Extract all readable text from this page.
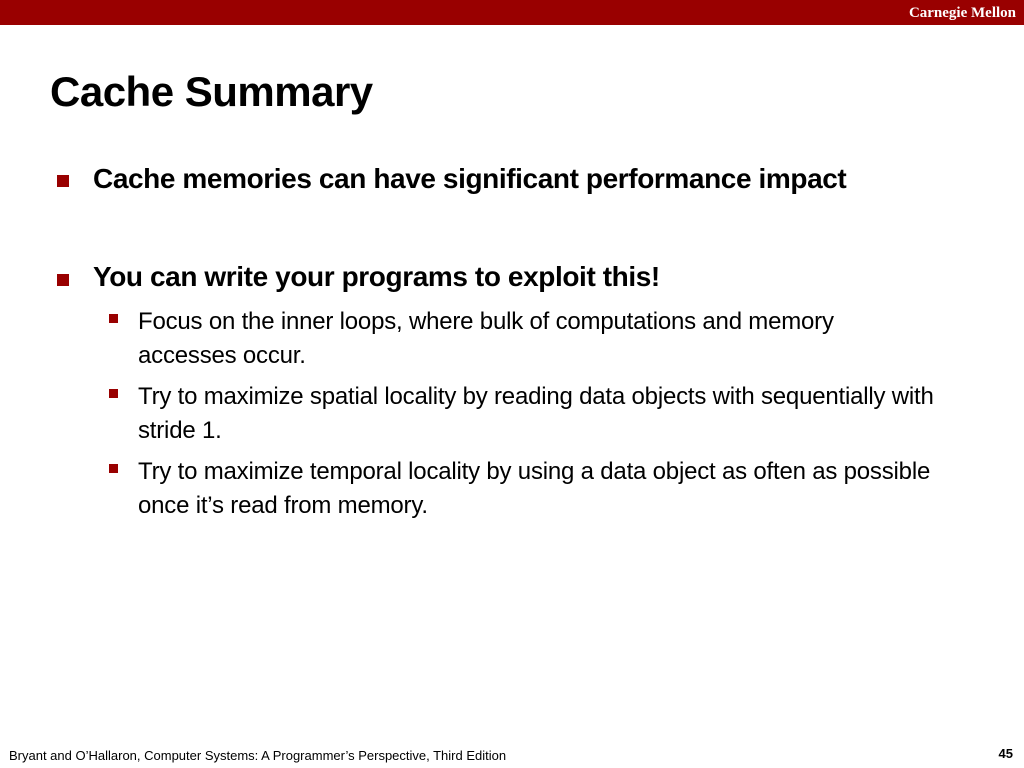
Carnegie Mellon
Cache Summary
Cache memories can have significant performance impact
You can write your programs to exploit this!
Focus on the inner loops, where bulk of computations and memory accesses occur.
Try to maximize spatial locality by reading data objects with sequentially with stride 1.
Try to maximize temporal locality by using a data object as often as possible once it’s read from memory.
Bryant and O’Hallaron, Computer Systems: A Programmer’s Perspective, Third Edition	45
